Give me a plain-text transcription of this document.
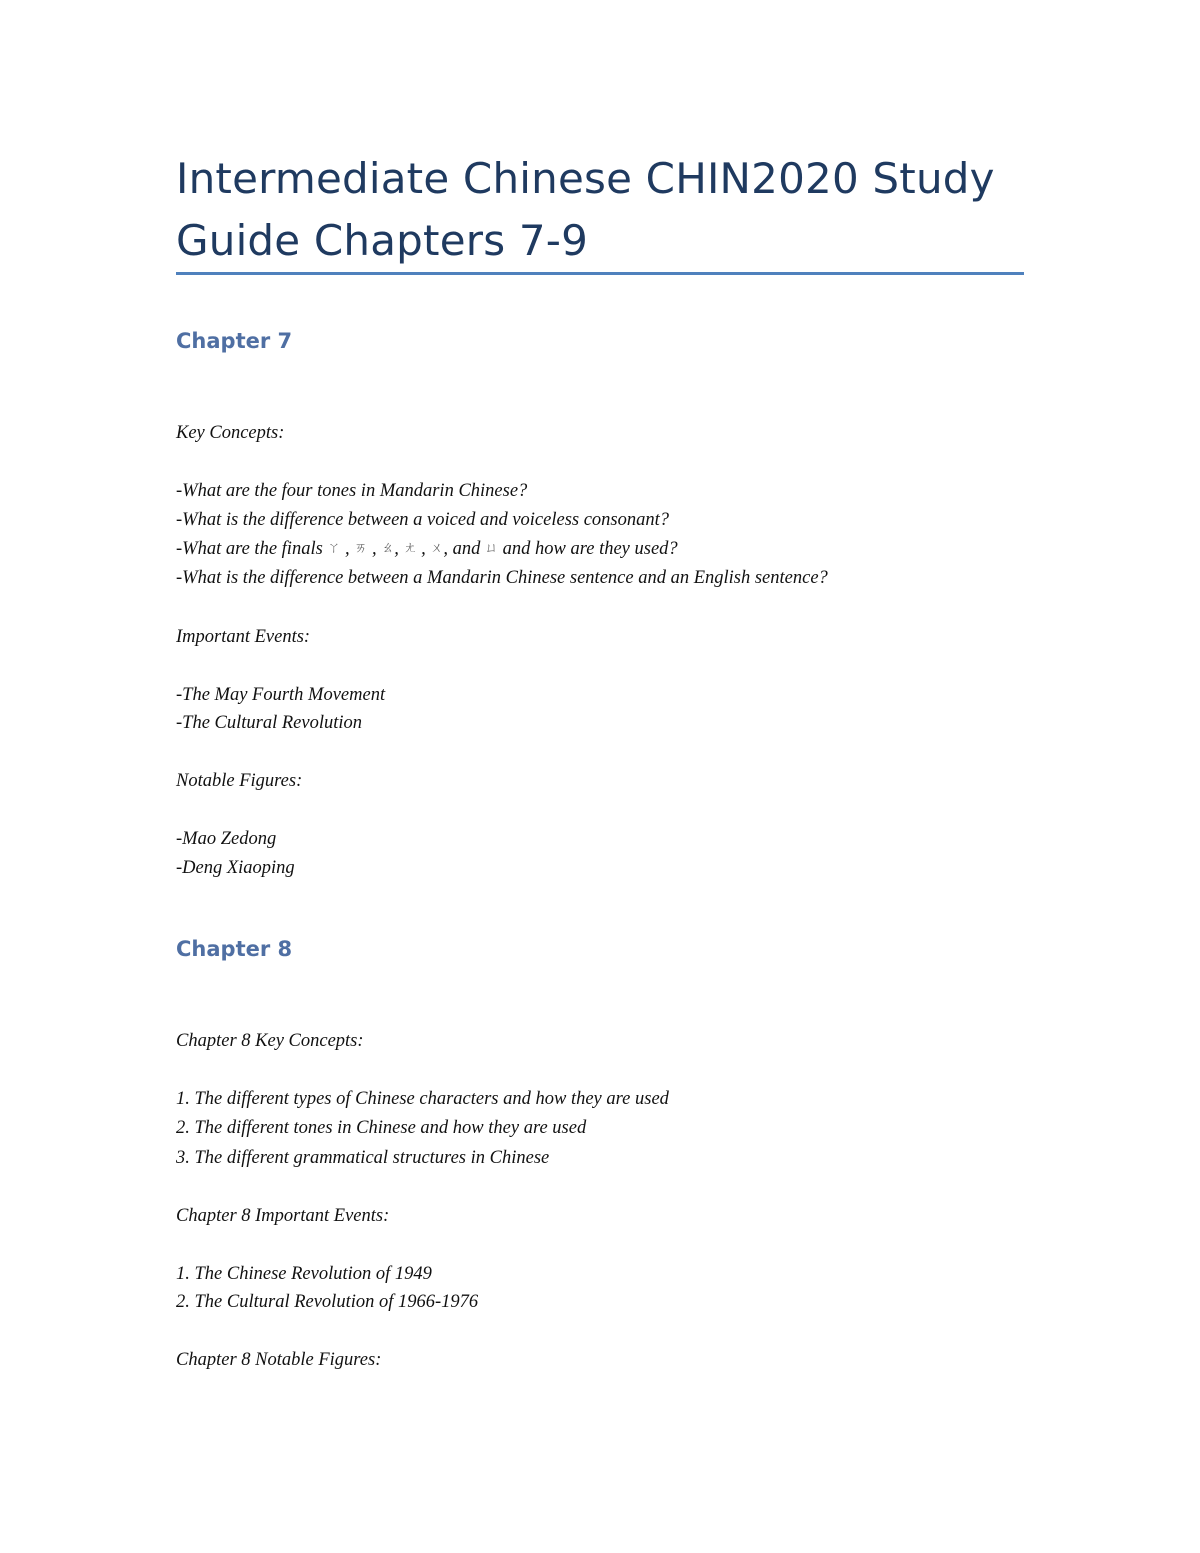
Intermediate Chinese CHIN2020 Study Guide Chapters 7-9
Chapter 7

Key Concepts:

-What are the four tones in Mandarin Chinese?

-What is the difference between a voiced and voiceless consonant?

-What are the finals ㄚ , ㄞ , ㄠ, ㄤ , ㄨ, and ㄩ and how are they used?

-What is the difference between a Mandarin Chinese sentence and an English sentence?

Important Events:

-The May Fourth Movement

-The Cultural Revolution

Notable Figures:

-Mao Zedong

-Deng Xiaoping

Chapter 8

Chapter 8 Key Concepts:

1. The different types of Chinese characters and how they are used

2. The different tones in Chinese and how they are used

3. The different grammatical structures in Chinese

Chapter 8 Important Events:

1. The Chinese Revolution of 1949

2. The Cultural Revolution of 1966-1976

Chapter 8 Notable Figures:
